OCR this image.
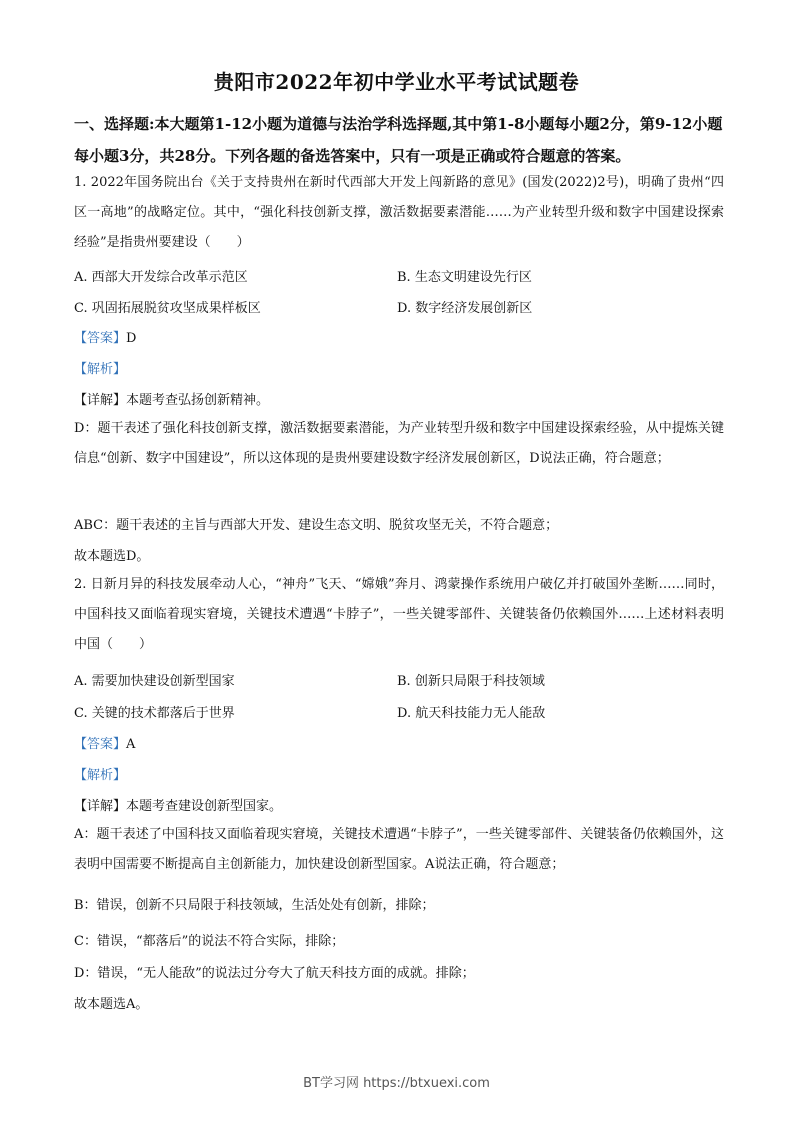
贵阳市2022年初中学业水平考试试题卷
一、选择题:本大题第1-12小题为道德与法治学科选择题,其中第1-8小题每小题2分，第9-12小题每小题3分，共28分。下列各题的备选答案中，只有一项是正确或符合题意的答案。
1. 2022年国务院出台《关于支持贵州在新时代西部大开发上闯新路的意见》(国发(2022)2号)，明确了贵州“四区一高地”的战略定位。其中，“强化科技创新支撑，激活数据要素潜能……为产业转型升级和数字中国建设探索经验”是指贵州要建设（　　）
A. 西部大开发综合改革示范区	B. 生态文明建设先行区
C. 巩固拓展脱贫攻坚成果样板区	D. 数字经济发展创新区
【答案】D
【解析】
【详解】本题考查弘扬创新精神。
D：题干表述了强化科技创新支撑，激活数据要素潜能，为产业转型升级和数字中国建设探索经验，从中提炼关键信息“创新、数字中国建设”，所以这体现的是贵州要建设数字经济发展创新区，D说法正确，符合题意；
ABC：题干表述的主旨与西部大开发、建设生态文明、脱贫攻坚无关，不符合题意；
故本题选D。
2. 日新月异的科技发展牵动人心，“神舟”飞天、“嫦娥”奔月、鸿蒙操作系统用户破亿并打破国外垄断……同时，中国科技又面临着现实窘境，关键技术遭遇“卡脖子”，一些关键零部件、关键装备仍依赖国外……上述材料表明中国（　　）
A. 需要加快建设创新型国家	B. 创新只局限于科技领域
C. 关键的技术都落后于世界	D. 航天科技能力无人能敌
【答案】A
【解析】
【详解】本题考查建设创新型国家。
A：题干表述了中国科技又面临着现实窘境，关键技术遭遇“卡脖子”，一些关键零部件、关键装备仍依赖国外，这表明中国需要不断提高自主创新能力，加快建设创新型国家。A说法正确，符合题意；
B：错误，创新不只局限于科技领域，生活处处有创新，排除；
C：错误，“都落后”的说法不符合实际，排除；
D：错误，“无人能敌”的说法过分夸大了航天科技方面的成就。排除；
故本题选A。
BT学习网 https://btxuexi.com
